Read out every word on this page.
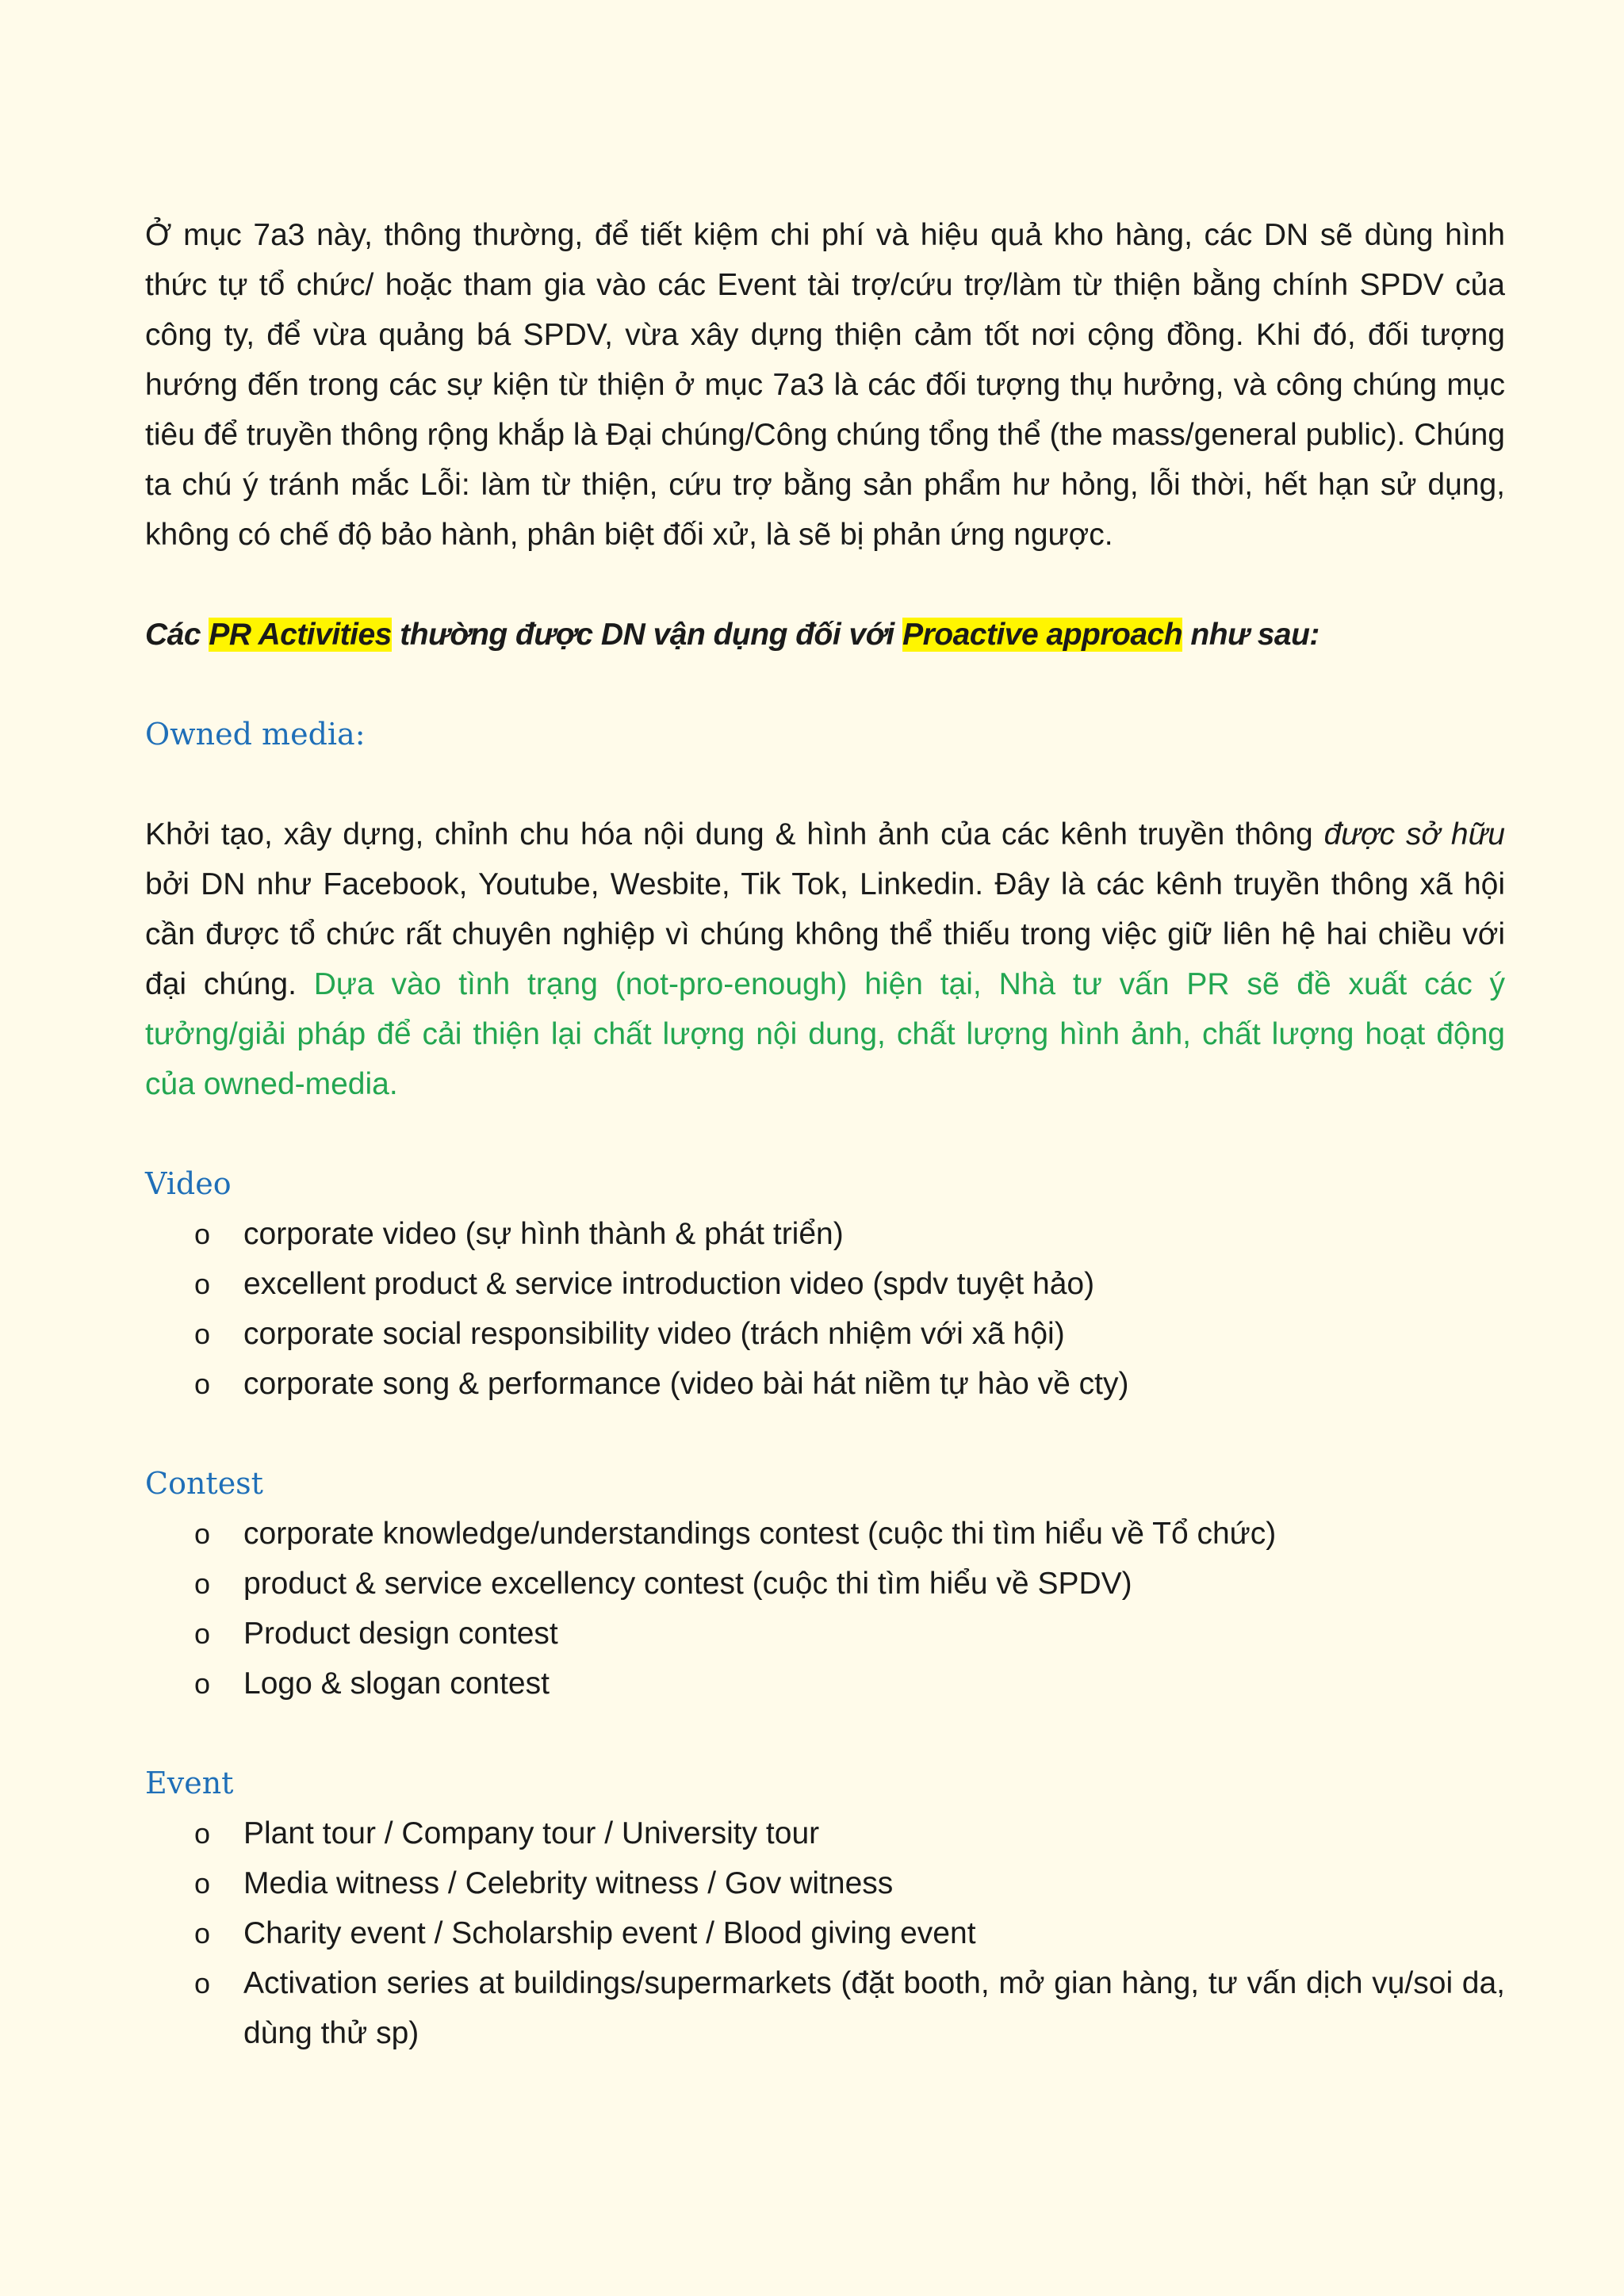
Ở mục 7a3 này, thông thường, để tiết kiệm chi phí và hiệu quả kho hàng, các DN sẽ dùng hình thức tự tổ chức/ hoặc tham gia vào các Event tài trợ/cứu trợ/làm từ thiện bằng chính SPDV của công ty, để vừa quảng bá SPDV, vừa xây dựng thiện cảm tốt nơi cộng đồng. Khi đó, đối tượng hướng đến trong các sự kiện từ thiện ở mục 7a3 là các đối tượng thụ hưởng, và công chúng mục tiêu để truyền thông rộng khắp là Đại chúng/Công chúng tổng thể (the mass/general public). Chúng ta chú ý tránh mắc Lỗi: làm từ thiện, cứu trợ bằng sản phẩm hư hỏng, lỗi thời, hết hạn sử dụng, không có chế độ bảo hành, phân biệt đối xử, là sẽ bị phản ứng ngược.

Các PR Activities thường được DN vận dụng đối với Proactive approach như sau:

Owned media:

Khởi tạo, xây dựng, chỉnh chu hóa nội dung & hình ảnh của các kênh truyền thông được sở hữu bởi DN như Facebook, Youtube, Wesbite, Tik Tok, Linkedin. Đây là các kênh truyền thông xã hội cần được tổ chức rất chuyên nghiệp vì chúng không thể thiếu trong việc giữ liên hệ hai chiều với đại chúng. Dựa vào tình trạng (not-pro-enough) hiện tại, Nhà tư vấn PR sẽ đề xuất các ý tưởng/giải pháp để cải thiện lại chất lượng nội dung, chất lượng hình ảnh, chất lượng hoạt động của owned-media.

Video

o corporate video (sự hình thành & phát triển)
o excellent product & service introduction video (spdv tuyệt hảo)
o corporate social responsibility video (trách nhiệm với xã hội)
o corporate song & performance (video bài hát niềm tự hào về cty)

Contest

o corporate knowledge/understandings contest (cuộc thi tìm hiểu về Tổ chức)
o product & service excellency contest (cuộc thi tìm hiểu về SPDV)
o Product design contest
o Logo & slogan contest

Event

o Plant tour / Company tour / University tour
o Media witness / Celebrity witness / Gov witness
o Charity event / Scholarship event / Blood giving event
o Activation series at buildings/supermarkets (đặt booth, mở gian hàng, tư vấn dịch vụ/soi da, dùng thử sp)
